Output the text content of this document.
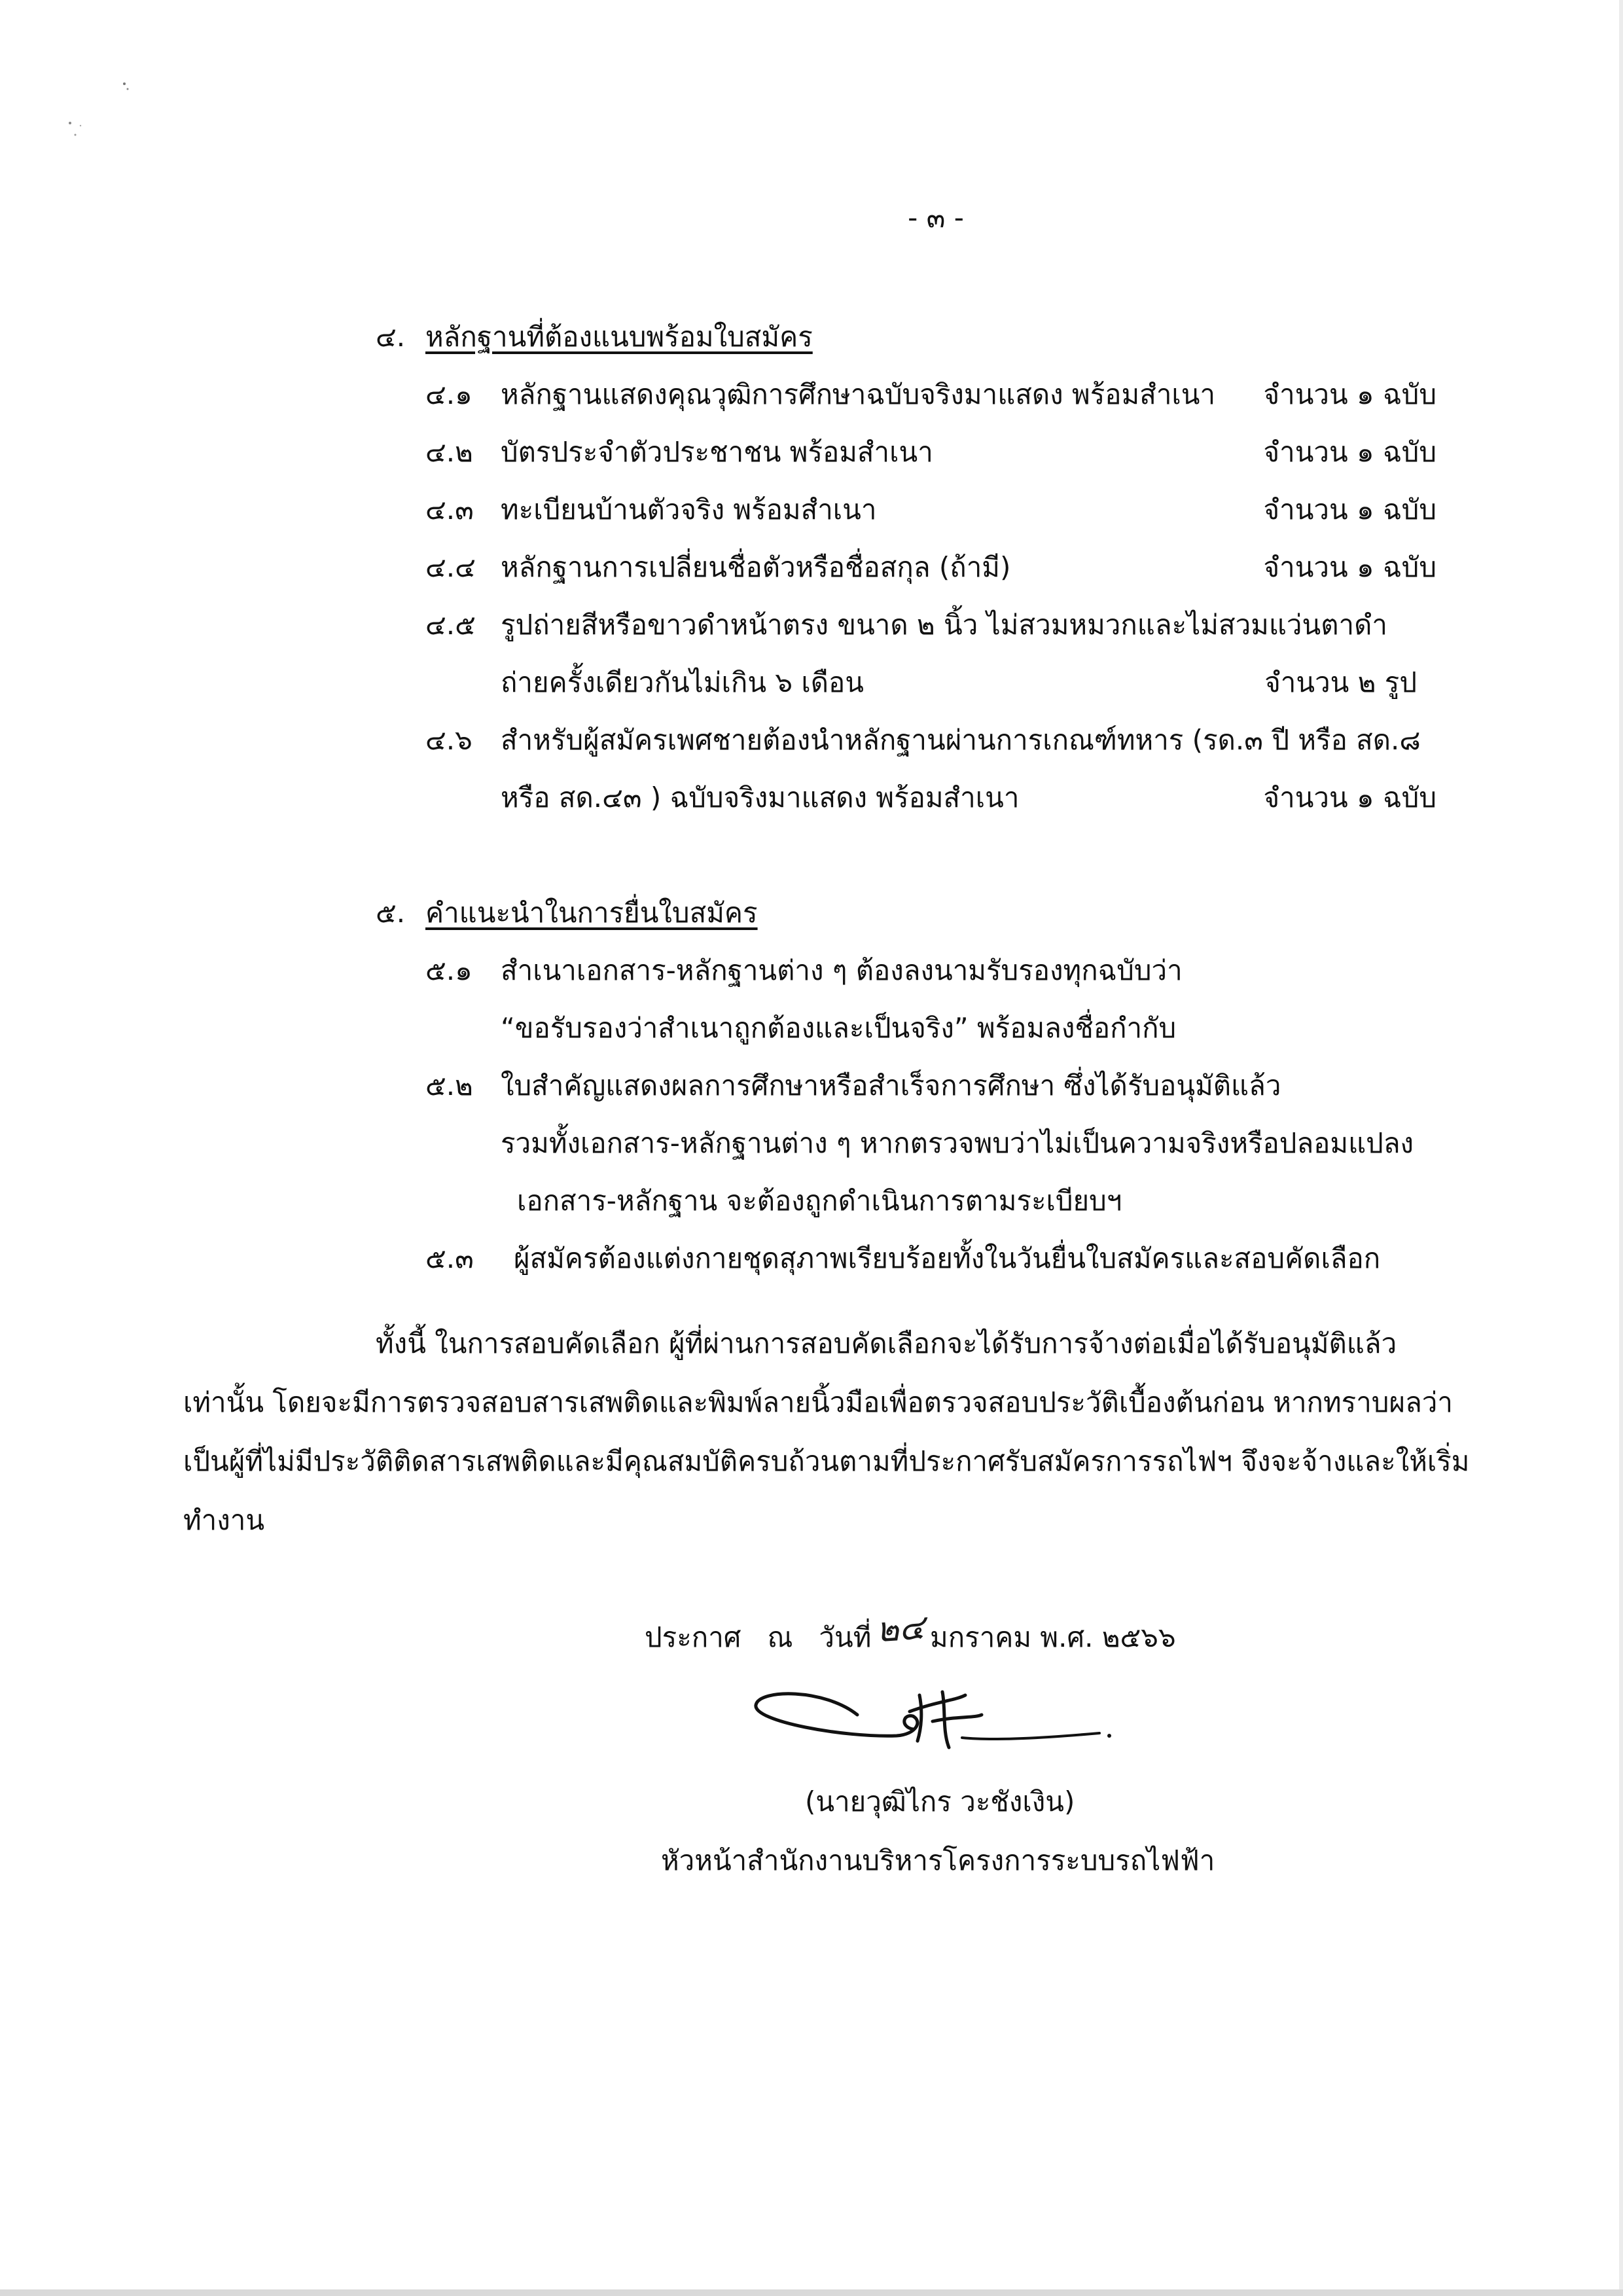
- ๓ -
๔. หลักฐานที่ต้องแนบพร้อมใบสมัคร
๔.๑ หลักฐานแสดงคุณวุฒิการศึกษาฉบับจริงมาแสดง พร้อมสำเนา จำนวน ๑ ฉบับ
๔.๒ บัตรประจำตัวประชาชน พร้อมสำเนา	จำนวน ๑ ฉบับ
๔.๓ ทะเบียนบ้านตัวจริง พร้อมสำเนา	จำนวน ๑ ฉบับ
๔.๔ หลักฐานการเปลี่ยนชื่อตัวหรือชื่อสกุล (ถ้ามี)	จำนวน ๑ ฉบับ
๔.๕ รูปถ่ายสีหรือขาวดำหน้าตรง ขนาด ๒ นิ้ว ไม่สวมหมวกและไม่สวมแว่นตาดำ
ถ่ายครั้งเดียวกันไม่เกิน ๖ เดือน	จำนวน ๒ รูป
๔.๖ สำหรับผู้สมัครเพศชายต้องนำหลักฐานผ่านการเกณฑ์ทหาร (รด.๓ ปี หรือ สด.๘
หรือ สด.๔๓ ) ฉบับจริงมาแสดง พร้อมสำเนา	จำนวน ๑ ฉบับ
๕. คำแนะนำในการยื่นใบสมัคร
๕.๑ สำเนาเอกสาร-หลักฐานต่าง ๆ ต้องลงนามรับรองทุกฉบับว่า
“ขอรับรองว่าสำเนาถูกต้องและเป็นจริง” พร้อมลงชื่อกำกับ
๕.๒ ใบสำคัญแสดงผลการศึกษาหรือสำเร็จการศึกษา ซึ่งได้รับอนุมัติแล้ว
รวมทั้งเอกสาร-หลักฐานต่าง ๆ หากตรวจพบว่าไม่เป็นความจริงหรือปลอมแปลง
เอกสาร-หลักฐาน จะต้องถูกดำเนินการตามระเบียบฯ
๕.๓ ผู้สมัครต้องแต่งกายชุดสุภาพเรียบร้อยทั้งในวันยื่นใบสมัครและสอบคัดเลือก
ทั้งนี้ ในการสอบคัดเลือก ผู้ที่ผ่านการสอบคัดเลือกจะได้รับการจ้างต่อเมื่อได้รับอนุมัติแล้ว
เท่านั้น โดยจะมีการตรวจสอบสารเสพติดและพิมพ์ลายนิ้วมือเพื่อตรวจสอบประวัติเบื้องต้นก่อน หากทราบผลว่า
เป็นผู้ที่ไม่มีประวัติติดสารเสพติดและมีคุณสมบัติครบถ้วนตามที่ประกาศรับสมัครการรถไฟฯ จึงจะจ้างและให้เริ่ม
ทำงาน
ประกาศ ณ วันที่ ๒๔ มกราคม พ.ศ. ๒๕๖๖
(นายวุฒิไกร วะชังเงิน)
หัวหน้าสำนักงานบริหารโครงการระบบรถไฟฟ้า
